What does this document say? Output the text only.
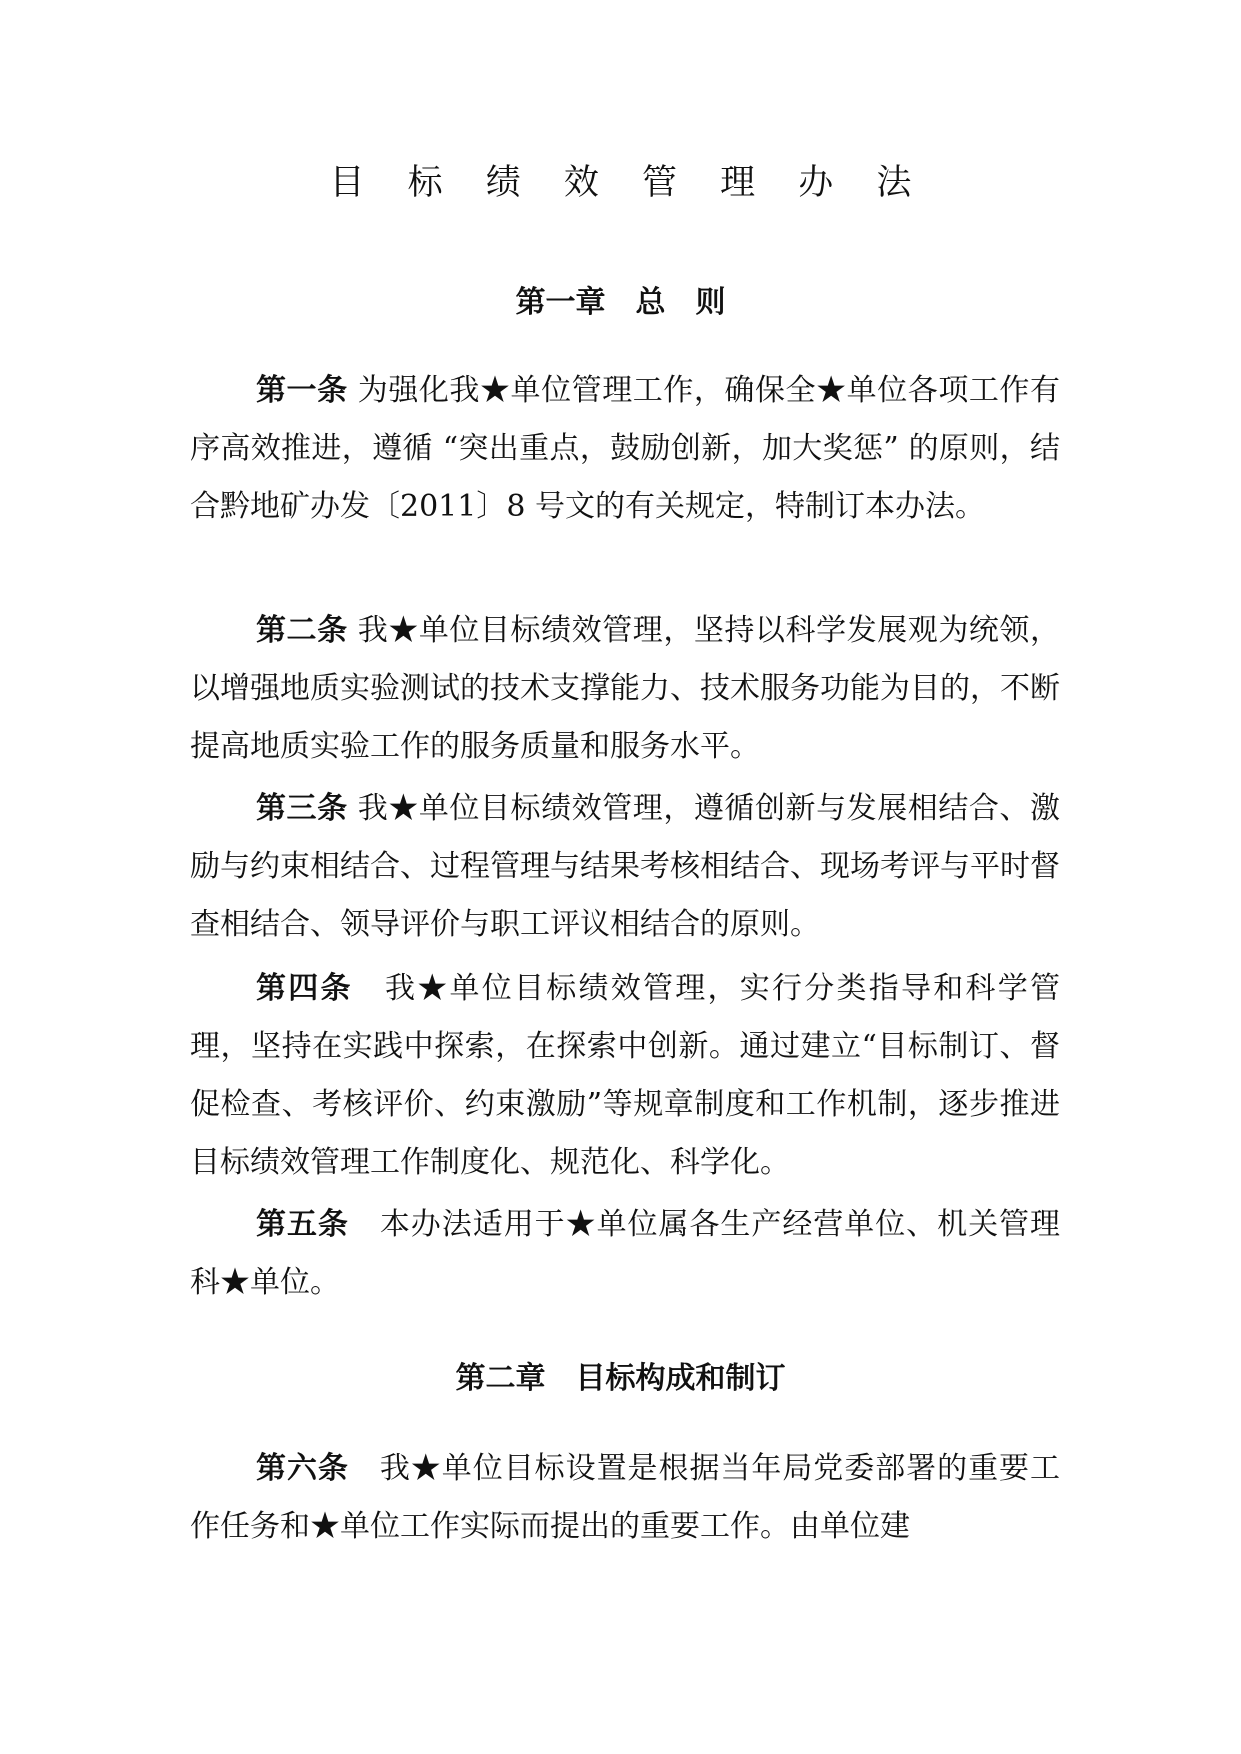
目 标 绩 效 管 理 办 法
第一章　总　则

第一条 为强化我★单位管理工作，确保全★单位各项工作有序高效推进，遵循 “突出重点，鼓励创新，加大奖惩” 的原则，结合黔地矿办发〔2011〕8 号文的有关规定，特制订本办法。

第二条 我★单位目标绩效管理，坚持以科学发展观为统领，以增强地质实验测试的技术支撑能力、技术服务功能为目的，不断提高地质实验工作的服务质量和服务水平。

第三条 我★单位目标绩效管理，遵循创新与发展相结合、激励与约束相结合、过程管理与结果考核相结合、现场考评与平时督查相结合、领导评价与职工评议相结合的原则。

第四条　我★单位目标绩效管理，实行分类指导和科学管理，坚持在实践中探索，在探索中创新。通过建立“目标制订、督促检查、考核评价、约束激励”等规章制度和工作机制，逐步推进目标绩效管理工作制度化、规范化、科学化。

第五条　本办法适用于★单位属各生产经营单位、机关管理科★单位。

第二章　目标构成和制订

第六条　我★单位目标设置是根据当年局党委部署的重要工作任务和★单位工作实际而提出的重要工作。由单位建
